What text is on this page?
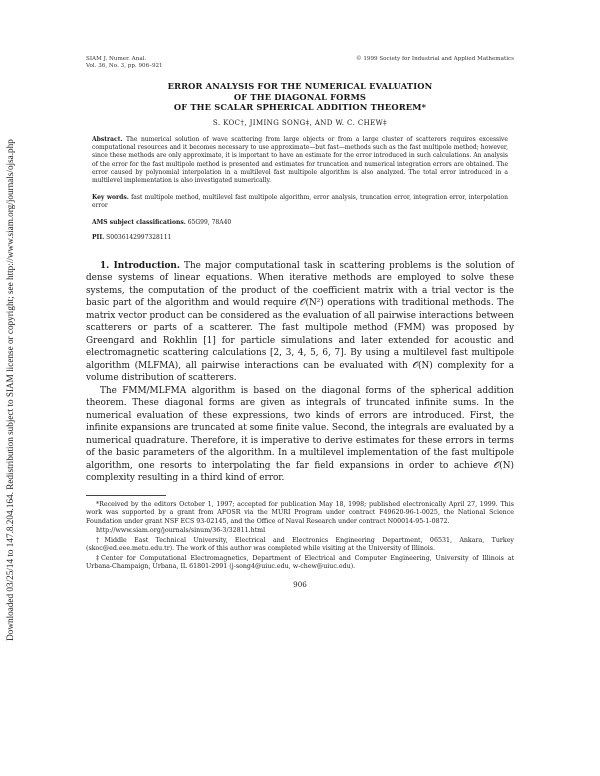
Downloaded 03/25/14 to 147.8.204.164. Redistribution subject to SIAM license or copyright; see http://www.siam.org/journals/ojsa.php
SIAM J. Numer. Anal.
Vol. 36, No. 3, pp. 906–921
© 1999 Society for Industrial and Applied Mathematics
ERROR ANALYSIS FOR THE NUMERICAL EVALUATION
OF THE DIAGONAL FORMS
OF THE SCALAR SPHERICAL ADDITION THEOREM*
S. KOC†, JIMING SONG‡, AND W. C. CHEW‡
Abstract. The numerical solution of wave scattering from large objects or from a large cluster of scatterers requires excessive computational resources and it becomes necessary to use approximate—but fast—methods such as the fast multipole method; however, since these methods are only approximate, it is important to have an estimate for the error introduced in such calculations. An analysis of the error for the fast multipole method is presented and estimates for truncation and numerical integration errors are obtained. The error caused by polynomial interpolation in a multilevel fast multipole algorithm is also analyzed. The total error introduced in a multilevel implementation is also investigated numerically.
Key words. fast multipole method, multilevel fast multipole algorithm, error analysis, truncation error, integration error, interpolation error
AMS subject classifications. 65G99, 78A40
PII. S0036142997328111

1. Introduction. The major computational task in scattering problems is the solution of dense systems of linear equations. When iterative methods are employed to solve these systems, the computation of the product of the coefficient matrix with a trial vector is the basic part of the algorithm and would require 𝒪(N²) operations with traditional methods. The matrix vector product can be considered as the evaluation of all pairwise interactions between scatterers or parts of a scatterer. The fast multipole method (FMM) was proposed by Greengard and Rokhlin [1] for particle simulations and later extended for acoustic and electromagnetic scattering calculations [2, 3, 4, 5, 6, 7]. By using a multilevel fast multipole algorithm (MLFMA), all pairwise interactions can be evaluated with 𝒪(N) complexity for a volume distribution of scatterers.

The FMM/MLFMA algorithm is based on the diagonal forms of the spherical addition theorem. These diagonal forms are given as integrals of truncated infinite sums. In the numerical evaluation of these expressions, two kinds of errors are introduced. First, the infinite expansions are truncated at some finite value. Second, the integrals are evaluated by a numerical quadrature. Therefore, it is imperative to derive estimates for these errors in terms of the basic parameters of the algorithm. In a multilevel implementation of the fast multipole algorithm, one resorts to interpolating the far field expansions in order to achieve 𝒪(N) complexity resulting in a third kind of error.

*Received by the editors October 1, 1997; accepted for publication May 18, 1998; published electronically April 27, 1999. This work was supported by a grant from AFOSR via the MURI Program under contract F49620-96-1-0025, the National Science Foundation under grant NSF ECS 93-02145, and the Office of Naval Research under contract N00014-95-1-0872.

http://www.siam.org/journals/sinum/36-3/32811.html

†Middle East Technical University, Electrical and Electronics Engineering Department, 06531, Ankara, Turkey (skoc@ed.eee.metu.edu.tr). The work of this author was completed while visiting at the University of Illinois.

‡Center for Computational Electromagnetics, Department of Electrical and Computer Engineering, University of Illinois at Urbana-Champaign, Urbana, IL 61801-2991 (j-song4@uiuc.edu, w-chew@uiuc.edu).

906
